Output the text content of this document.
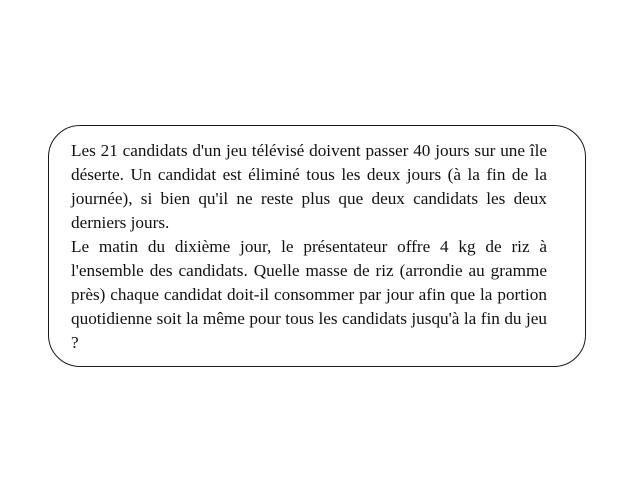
Les 21 candidats d'un jeu télévisé doivent passer 40 jours sur une île déserte. Un candidat est éliminé tous les deux jours (à la fin de la journée), si bien qu'il ne reste plus que deux candidats les deux derniers jours.

Le matin du dixième jour, le présentateur offre 4 kg de riz à l'ensemble des candidats. Quelle masse de riz (arrondie au gramme près) chaque candidat doit-il consommer par jour afin que la portion quotidienne soit la même pour tous les candidats jusqu'à la fin du jeu ?
